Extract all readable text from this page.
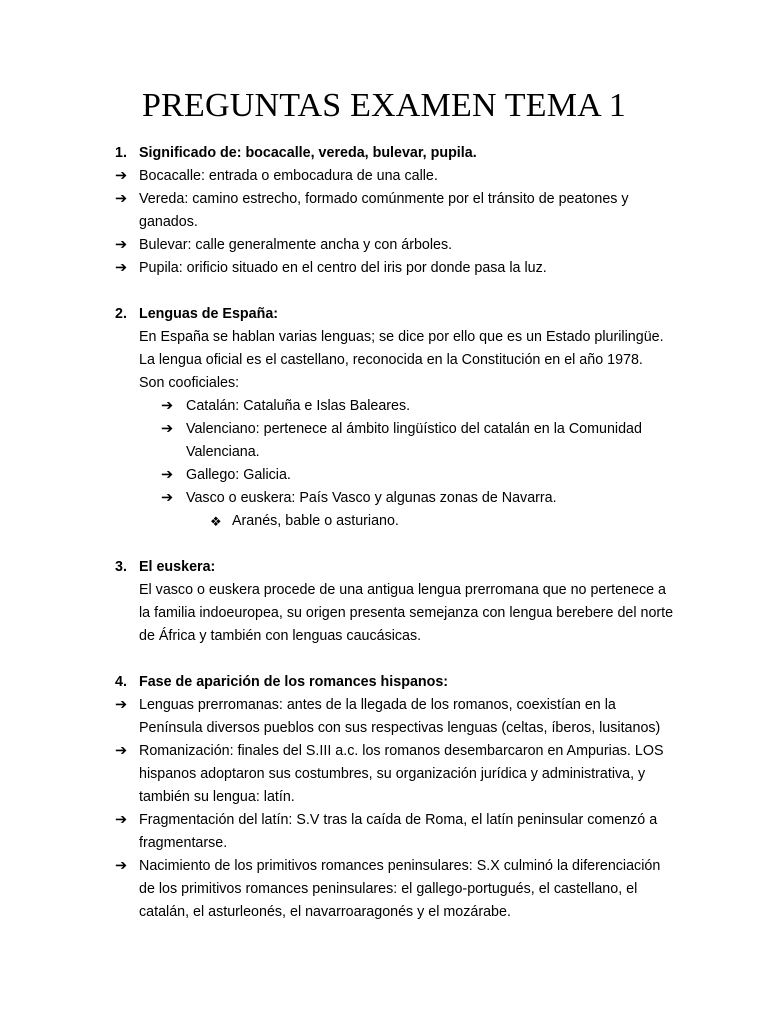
PREGUNTAS EXAMEN TEMA 1
1. Significado de: bocacalle, vereda, bulevar, pupila.
➔ Bocacalle: entrada o embocadura de una calle.
➔ Vereda: camino estrecho, formado comúnmente por el tránsito de peatones y ganados.
➔ Bulevar: calle generalmente ancha y con árboles.
➔ Pupila: orificio situado en el centro del iris por donde pasa la luz.
2. Lenguas de España:
En España se hablan varias lenguas; se dice por ello que es un Estado plurilingüe.
La lengua oficial es el castellano, reconocida en la Constitución en el año 1978.
Son cooficiales:
➔ Catalán: Cataluña e Islas Baleares.
➔ Valenciano: pertenece al ámbito lingüístico del catalán en la Comunidad Valenciana.
➔ Gallego: Galicia.
➔ Vasco o euskera: País Vasco y algunas zonas de Navarra.
❖ Aranés, bable o asturiano.
3. El euskera:
El vasco o euskera procede de una antigua lengua prerromana que no pertenece a
la familia indoeuropea, su origen presenta semejanza con lengua berebere del norte
de África y también con lenguas caucásicas.
4. Fase de aparición de los romances hispanos:
➔ Lenguas prerromanas: antes de la llegada de los romanos, coexistían en la Península diversos pueblos con sus respectivas lenguas (celtas, íberos, lusitanos)
➔ Romanización: finales del S.III a.c. los romanos desembarcaron en Ampurias. LOS hispanos adoptaron sus costumbres, su organización jurídica y administrativa, y también su lengua: latín.
➔ Fragmentación del latín: S.V tras la caída de Roma, el latín peninsular comenzó a fragmentarse.
➔ Nacimiento de los primitivos romances peninsulares: S.X culminó la diferenciación de los primitivos romances peninsulares: el gallego-portugués, el castellano, el catalán, el asturleonés, el navarroaragonés y el mozárabe.
